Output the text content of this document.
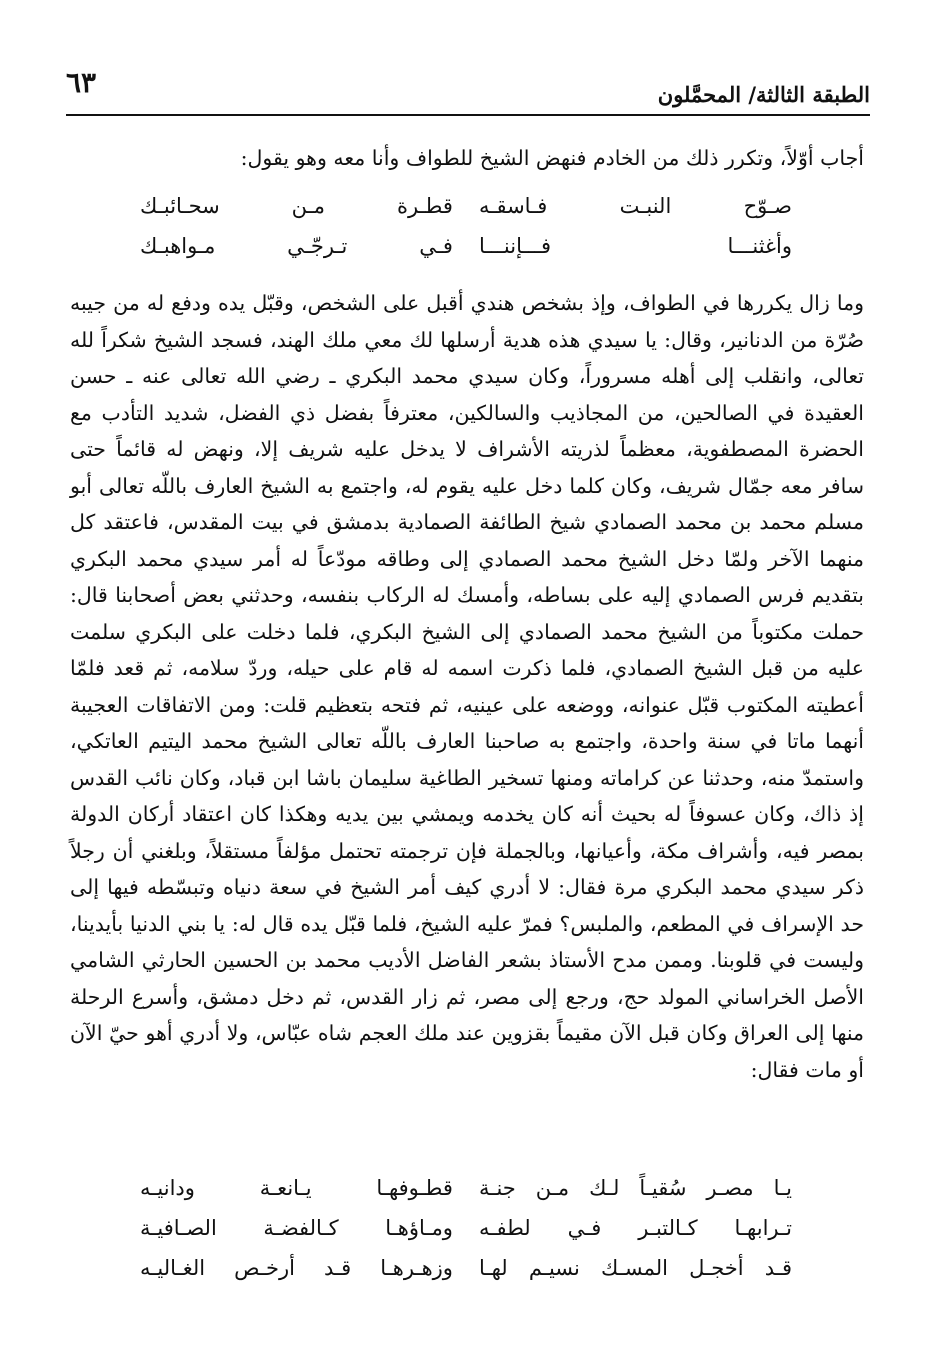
٦٣	الطبقة الثالثة/ المحمَّلون
أجاب أوّلاً، وتكرر ذلك من الخادم فنهض الشيخ للطواف وأنا معه وهو يقول:
صـوّح النبـت فـاسقـه
قطـرة مـن سحـائبـك
وأغثنـــا فـــإننـــا
فـي تـرجّـي مـواهبـك
وما زال يكررها في الطواف، وإذ بشخص هندي أقبل على الشخص، وقبّل يده ودفع له من جيبه صُرّة من الدنانير، وقال: يا سيدي هذه هدية أرسلها لك معي ملك الهند، فسجد الشيخ شكراً لله تعالى، وانقلب إلى أهله مسروراً، وكان سيدي محمد البكري ـ رضي الله تعالى عنه ـ حسن العقيدة في الصالحين، من المجاذيب والسالكين، معترفاً بفضل ذي الفضل، شديد التأدب مع الحضرة المصطفوية، معظماً لذريته الأشراف لا يدخل عليه شريف إلا، ونهض له قائماً حتى سافر معه جمّال شريف، وكان كلما دخل عليه يقوم له، واجتمع به الشيخ العارف باللّه تعالى أبو مسلم محمد بن محمد الصمادي شيخ الطائفة الصمادية بدمشق في بيت المقدس، فاعتقد كل منهما الآخر ولمّا دخل الشيخ محمد الصمادي إلى وطاقه مودّعاً له أمر سيدي محمد البكري بتقديم فرس الصمادي إليه على بساطه، وأمسك له الركاب بنفسه، وحدثني بعض أصحابنا قال: حملت مكتوباً من الشيخ محمد الصمادي إلى الشيخ البكري، فلما دخلت على البكري سلمت عليه من قبل الشيخ الصمادي، فلما ذكرت اسمه له قام على حيله، وردّ سلامه، ثم قعد فلمّا أعطيته المكتوب قبّل عنوانه، ووضعه على عينيه، ثم فتحه بتعظيم قلت: ومن الاتفاقات العجيبة أنهما ماتا في سنة واحدة، واجتمع به صاحبنا العارف باللّه تعالى الشيخ محمد اليتيم العاتكي، واستمدّ منه، وحدثنا عن كراماته ومنها تسخير الطاغية سليمان باشا ابن قباد، وكان نائب القدس إذ ذاك، وكان عسوفاً له بحيث أنه كان يخدمه ويمشي بين يديه وهكذا كان اعتقاد أركان الدولة بمصر فيه، وأشراف مكة، وأعيانها، وبالجملة فإن ترجمته تحتمل مؤلفاً مستقلاً، وبلغني أن رجلاً ذكر سيدي محمد البكري مرة فقال: لا أدري كيف أمر الشيخ في سعة دنياه وتبسّطه فيها إلى حد الإسراف في المطعم، والملبس؟ فمرّ عليه الشيخ، فلما قبّل يده قال له: يا بني الدنيا بأيدينا، وليست في قلوبنا. وممن مدح الأستاذ بشعر الفاضل الأديب محمد بن الحسين الحارثي الشامي الأصل الخراساني المولد حج، ورجع إلى مصر، ثم زار القدس، ثم دخل دمشق، وأسرع الرحلة منها إلى العراق وكان قبل الآن مقيماً بقزوين عند ملك العجم شاه عبّاس، ولا أدري أهو حيّ الآن أو مات فقال:
يـا مصـر سُقيـاً لـك مـن جنـة
قطـوفهـا يـانعـة ودانيـه
تـرابهـا كـالتبـر فـي لطفـه
ومـاؤهـا كـالفضـة الصـافيـة
قـد أخجـل المسـك نسيـم لهـا
وزهـرهـا قـد أرخـص الغـاليـه
